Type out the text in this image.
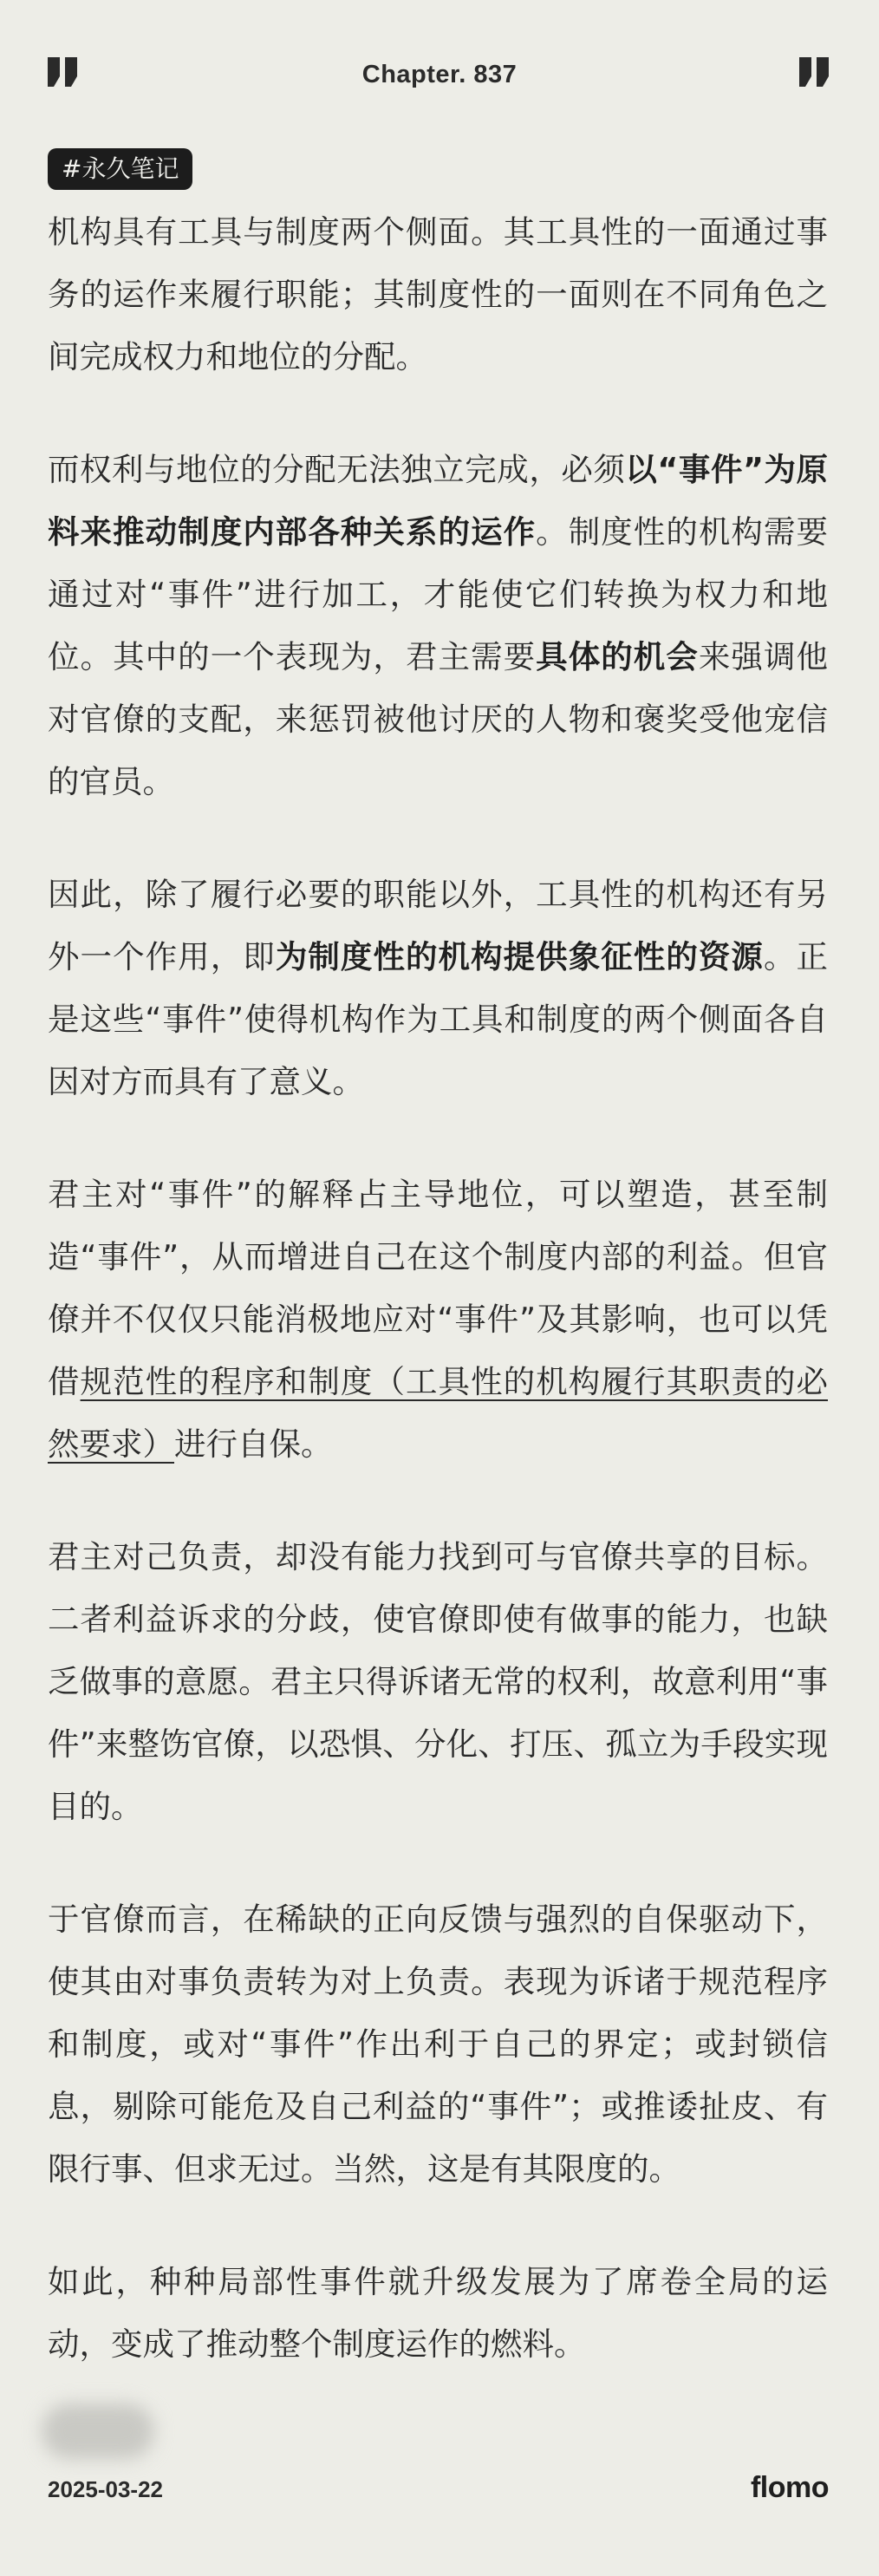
Chapter. 837
#永久笔记

机构具有工具与制度两个侧面。其工具性的一面通过事务的运作来履行职能；其制度性的一面则在不同角色之间完成权力和地位的分配。

而权利与地位的分配无法独立完成，必须以“事件”为原料来推动制度内部各种关系的运作。制度性的机构需要通过对“事件”进行加工，才能使它们转换为权力和地位。其中的一个表现为，君主需要具体的机会来强调他对官僚的支配，来惩罚被他讨厌的人物和褒奖受他宠信的官员。

因此，除了履行必要的职能以外，工具性的机构还有另外一个作用，即为制度性的机构提供象征性的资源。正是这些“事件”使得机构作为工具和制度的两个侧面各自因对方而具有了意义。

君主对“事件”的解释占主导地位，可以塑造，甚至制造“事件”，从而增进自己在这个制度内部的利益。但官僚并不仅仅只能消极地应对“事件”及其影响，也可以凭借规范性的程序和制度（工具性的机构履行其职责的必然要求）进行自保。

君主对己负责，却没有能力找到可与官僚共享的目标。二者利益诉求的分歧，使官僚即使有做事的能力，也缺乏做事的意愿。君主只得诉诸无常的权利，故意利用“事件”来整饬官僚，以恐惧、分化、打压、孤立为手段实现目的。

于官僚而言，在稀缺的正向反馈与强烈的自保驱动下，使其由对事负责转为对上负责。表现为诉诸于规范程序和制度，或对“事件”作出利于自己的界定；或封锁信息，剔除可能危及自己利益的“事件”；或推诿扯皮、有限行事、但求无过。当然，这是有其限度的。

如此，种种局部性事件就升级发展为了席卷全局的运动，变成了推动整个制度运作的燃料。

2025-03-22	flomo
